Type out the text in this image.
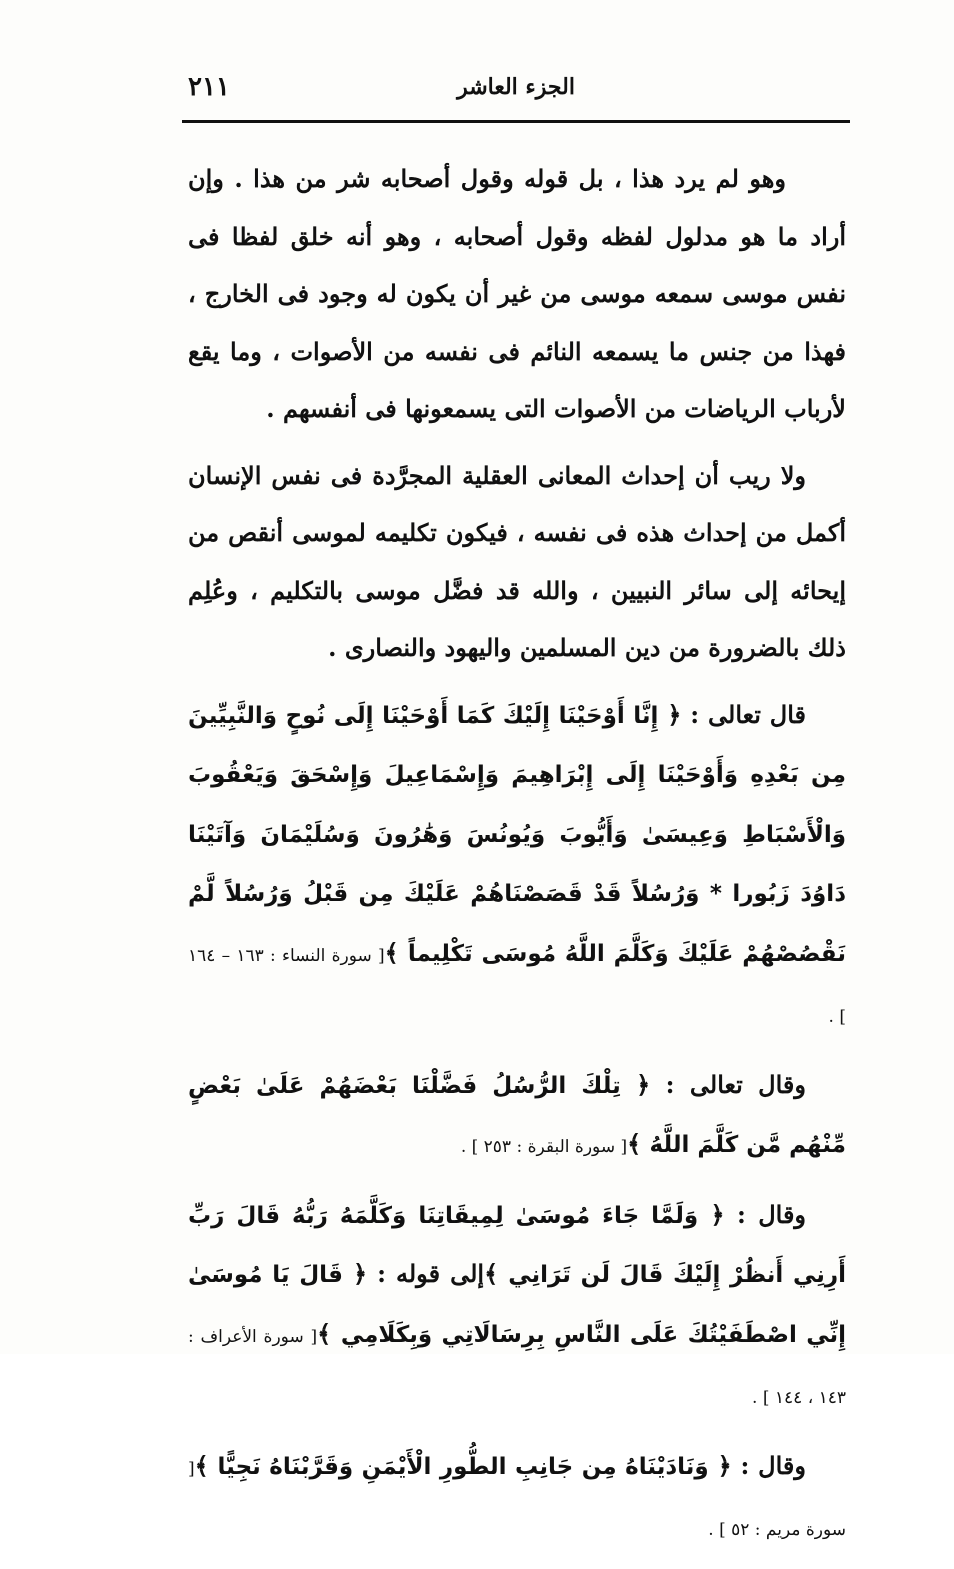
الجزء العاشر
٢١١

وهو لم يرد هذا ، بل قوله وقول أصحابه شر من هذا . وإن أراد ما هو مدلول لفظه وقول أصحابه ، وهو أنه خلق لفظا فى نفس موسى سمعه موسى من غير أن يكون له وجود فى الخارج ، فهذا من جنس ما يسمعه النائم فى نفسه من الأصوات ، وما يقع لأرباب الرياضات من الأصوات التى يسمعونها فى أنفسهم .

ولا ريب أن إحداث المعانى العقلية المجرَّدة فى نفس الإنسان أكمل من إحداث هذه فى نفسه ، فيكون تكليمه لموسى أنقص من إيحائه إلى سائر النبيين ، والله قد فضَّل موسى بالتكليم ، وعُلِم ذلك بالضرورة من دين المسلمين واليهود والنصارى .

قال تعالى : ﴿ إِنَّا أَوْحَيْنَا إِلَيْكَ كَمَا أَوْحَيْنَا إِلَى نُوحٍ وَالنَّبِيِّينَ مِن بَعْدِهِ وَأَوْحَيْنَا إِلَى إِبْرَاهِيمَ وَإِسْمَاعِيلَ وَإِسْحَقَ وَيَعْقُوبَ وَالْأَسْبَاطِ وَعِيسَىٰ وَأَيُّوبَ وَيُونُسَ وَهَٰرُونَ وَسُلَيْمَانَ وَآتَيْنَا دَاوُدَ زَبُورا * وَرُسُلاً قَدْ قَصَصْنَاهُمْ عَلَيْكَ مِن قَبْلُ وَرُسُلاً لَّمْ نَقْصُصْهُمْ عَلَيْكَ وَكَلَّمَ اللَّهُ مُوسَى تَكْلِيماً ﴾[ سورة النساء : ١٦٣ – ١٦٤ ] .

وقال تعالى : ﴿ تِلْكَ الرُّسُلُ فَضَّلْنَا بَعْضَهُمْ عَلَىٰ بَعْضٍ مِّنْهُم مَّن كَلَّمَ اللَّهُ ﴾[ سورة البقرة : ٢٥٣ ] .

وقال : ﴿ وَلَمَّا جَاءَ مُوسَىٰ لِمِيقَاتِنَا وَكَلَّمَهُ رَبُّهُ قَالَ رَبِّ أَرِنِي أَنظُرْ إِلَيْكَ قَالَ لَن تَرَانِي ﴾إلى قوله : ﴿ قَالَ يَا مُوسَىٰ إِنِّي اصْطَفَيْتُكَ عَلَى النَّاسِ بِرِسَالَاتِي وَبِكَلَامِي ﴾[ سورة الأعراف : ١٤٣ ، ١٤٤ ] .

وقال : ﴿ وَنَادَيْنَاهُ مِن جَانِبِ الطُّورِ الْأَيْمَنِ وَقَرَّبْنَاهُ نَجِيًّا ﴾[ سورة مريم : ٥٢ ] .
